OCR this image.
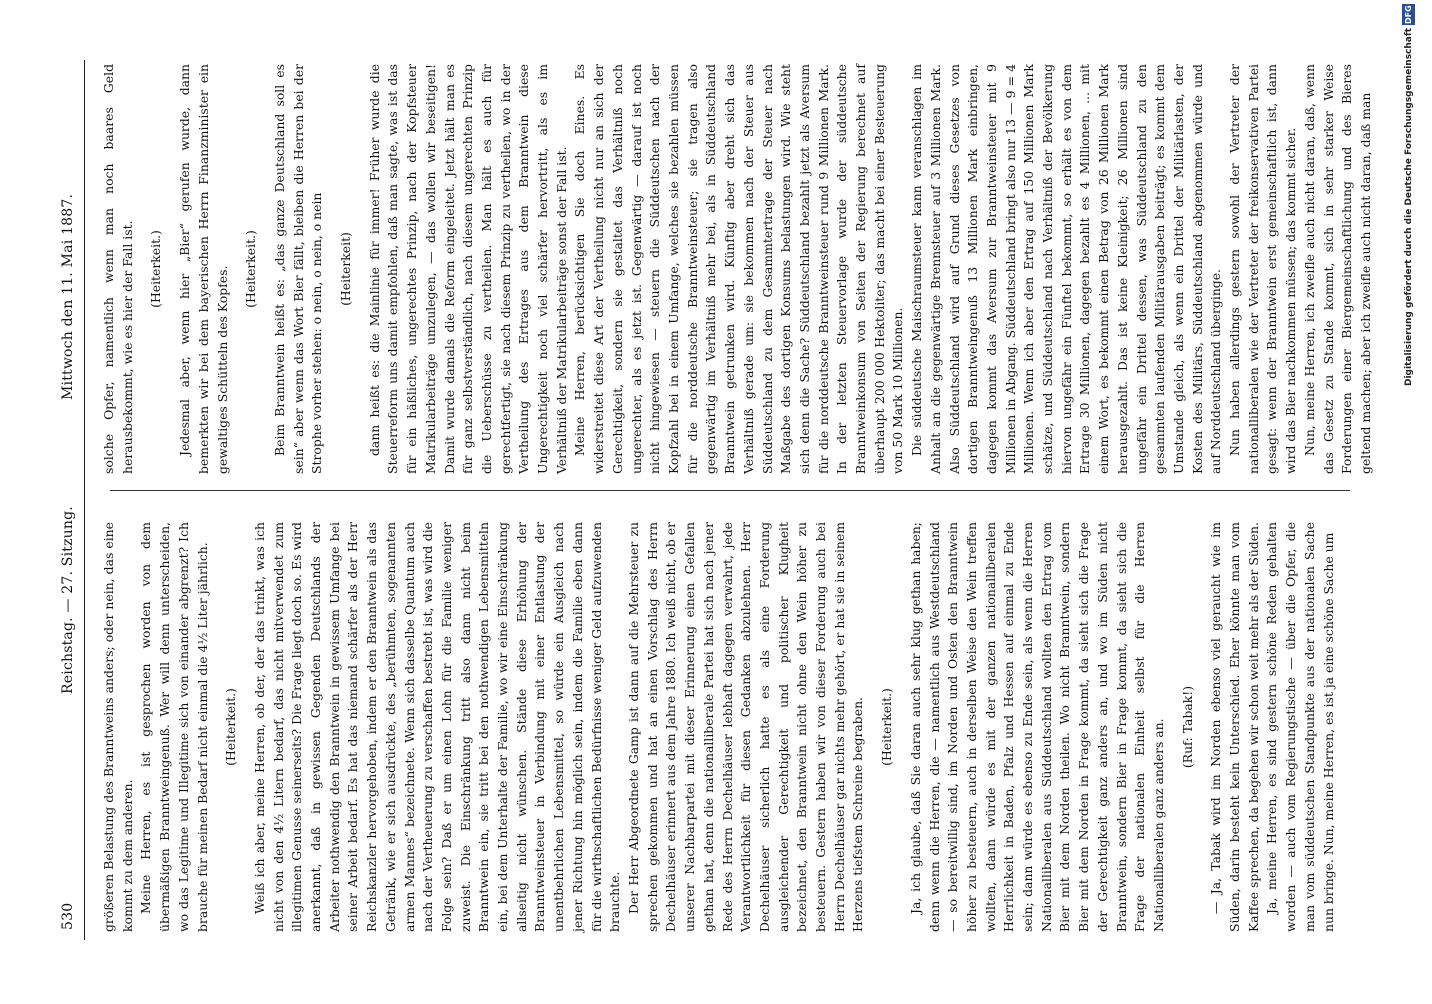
530
Reichstag. — 27. Sitzung.
Mittwoch den 11. Mai 1887.

größeren Belastung des Branntweins anders; oder nein, das eine kommt zu dem anderen. Meine Herren, es ist gesprochen worden von dem übermäßigen Branntweingenuß. Wer will denn unterscheiden, wo das Legitime und Illegitime sich von einander abgrenzt? Ich brauche für meinen Bedarf nicht einmal die 4½ Liter jährlich. (Heiterkeit.) Weiß ich aber, meine Herren, ob der, der das trinkt, was ich nicht von den 4½ Litern bedarf, das nicht mitverwendet zum illegitimen Genusse seinerseits? Die Frage liegt doch so. Es wird anerkannt, daß in gewissen Gegenden Deutschlands der Arbeiter nothwendig den Branntwein in gewissem Umfange bei seiner Arbeit bedarf. Es hat das niemand schärfer als der Herr Reichskanzler hervorgehoben, indem er den Branntwein als das Getränk, wie er sich ausdrückte, des „berühmten, sogenannten armen Mannes“ bezeichnete. Wenn sich dasselbe Quantum auch nach der Vertheuerung zu verschaffen bestrebt ist, was wird die Folge sein? Daß er um einen Lohn für die Familie weniger zuweist. Die Einschränkung tritt also dann nicht beim Branntwein ein, sie tritt bei den nothwendigen Lebensmitteln ein, bei dem Unterhalte der Familie, wo wir eine Einschränkung allseitig nicht wünschen. Stände diese Erhöhung der Branntweinsteuer in Verbindung mit einer Entlastung der unentbehrlichen Lebensmittel, so würde ein Ausgleich nach jener Richtung hin möglich sein, indem die Familie eben dann für die wirthschaftlichen Bedürfnisse weniger Geld aufzuwenden brauchte. Der Herr Abgeordnete Gamp ist dann auf die Mehrsteuer zu sprechen gekommen und hat an einen Vorschlag des Herrn Dechelhäuser erinnert aus dem Jahre 1880. Ich weiß nicht, ob er unserer Nachbarpartei mit dieser Erinnerung einen Gefallen gethan hat, denn die nationalliberale Partei hat sich nach jener Rede des Herrn Dechelhäuser lebhaft dagegen verwahrt, jede Verantwortlichkeit für diesen Gedanken abzulehnen. Herr Dechelhäuser sicherlich hatte es als eine Forderung ausgleichender Gerechtigkeit und politischer Klugheit bezeichnet, den Branntwein nicht ohne den Wein höher zu besteuern. Gestern haben wir von dieser Forderung auch bei Herrn Dechelhäuser gar nichts mehr gehört, er hat sie in seinem Herzens tiefstem Schreine begraben. (Heiterkeit.) Ja, ich glaube, daß Sie daran auch sehr klug gethan haben; denn wenn die Herren, die — namentlich aus Westdeutschland — so bereitwillig sind, im Norden und Osten den Branntwein höher zu besteuern, auch in derselben Weise den Wein treffen wollten, dann würde es mit der ganzen nationalliberalen Herrlichkeit in Baden, Pfalz und Hessen auf einmal zu Ende sein; dann würde es ebenso zu Ende sein, als wenn die Herren Nationalliberalen aus Süddeutschland wollten den Ertrag vom Bier mit dem Norden theilen. Wo nicht Branntwein, sondern Bier mit dem Norden in Frage kommt, da sieht sich die Frage der Gerechtigkeit ganz anders an, und wo im Süden nicht Branntwein, sondern Bier in Frage kommt, da sieht sich die Frage der nationalen Einheit selbst für die Herren Nationalliberalen ganz anders an. (Ruf: Tabak!) — Ja, Tabak wird im Norden ebenso viel geraucht wie im Süden, darin besteht kein Unterschied. Eher könnte man vom Kaffee sprechen, da begehen wir schon weit mehr als der Süden. Ja, meine Herren, es sind gestern schöne Reden gehalten worden — auch vom Regierungstische — über die Opfer, die man vom süddeutschen Standpunkte aus der nationalen Sache nun bringe. Nun, meine Herren, es ist ja eine schöne Sache um

solche Opfer, namentlich wenn man noch baares Geld herausbekommt, wie es hier der Fall ist. (Heiterkeit.) Jedesmal aber, wenn hier „Bier“ gerufen wurde, dann bemerkten wir bei dem bayerischen Herrn Finanzminister ein gewaltiges Schütteln des Kopfes. (Heiterkeit.) Beim Branntwein heißt es: „das ganze Deutschland soll es sein“ aber wenn das Wort Bier fällt, bleiben die Herren bei der Strophe vorher stehen: o nein, o nein, o nein (Heiterkeit) dann heißt es: die Mainlinie für immer! Früher wurde die Steuerreform uns damit empfohlen, daß man sagte, was ist das für ein häßliches, ungerechtes Prinzip, nach der Kopfsteuer Matrikularbeiträge umzulegen, — das wollen wir beseitigen! Damit wurde damals die Reform eingeleitet. Jetzt hält man es für ganz selbstverständlich, nach diesem ungerechten Prinzip die Ueberschüsse zu vertheilen. Man hält es auch für gerechtfertigt, sie nach diesem Prinzip zu vertheilen, wo in der Vertheilung des Ertrages aus dem Branntwein diese Ungerechtigkeit noch viel schärfer hervortritt, als es im Verhältniß der Matrikularbeiträge sonst der Fall ist. Meine Herren, berücksichtigen Sie doch Eines. Es widerstreitet diese Art der Vertheilung nicht nur an sich der Gerechtigkeit, sondern sie gestaltet das Verhältniß noch ungerechter, als es jetzt ist. Gegenwärtig — darauf ist noch nicht hingewiesen — steuern die Süddeutschen nach der Kopfzahl bei in einem Umfange, welches sie bezahlen müssen für die norddeutsche Branntweinsteuer; sie tragen also gegenwärtig im Verhältniß mehr bei, als in Süddeutschland Branntwein getrunken wird. Künftig aber dreht sich das Verhältniß gerade um: sie bekommen nach der Steuer aus Süddeutschland zu dem Gesammtertrage der Steuer nach Maßgabe des dortigen Konsums belastungen wird. Wie steht sich denn die Sache? Süddeutschland bezahlt jetzt als Aversum für die norddeutsche Branntweinsteuer rund 9 Millionen Mark. In der letzten Steuervorlage wurde der süddeutsche Branntweinkonsum von Seiten der Regierung berechnet auf überhaupt 200 000 Hektoliter; das macht bei einer Besteuerung von 50 Mark 10 Millionen. Die süddeutsche Maischraumsteuer kann veranschlagen im Anhalt an die gegenwärtige Brennsteuer auf 3 Millionen Mark. Also Süddeutschland wird auf Grund dieses Gesetzes von dortigen Branntweingenuß 13 Millionen Mark einbringen, dagegen kommt das Aversum zur Branntweinsteuer mit 9 Millionen in Abgang. Süddeutschland bringt also nur 13 — 9 = 4 Millionen. Wenn ich aber den Ertrag auf 150 Millionen Mark schätze, und Süddeutschland nach Verhältniß der Bevölkerung hiervon ungefähr ein Fünftel bekommt, so erhält es von dem Ertrage 30 Millionen, dagegen bezahlt es 4 Millionen, ... mit einem Wort, es bekommt einen Betrag von 26 Millionen Mark herausgezahlt. Das ist keine Kleinigkeit; 26 Millionen sind ungefähr ein Drittel dessen, was Süddeutschland zu den gesammten laufenden Militärausgaben beiträgt; es kommt dem Umstande gleich, als wenn ein Drittel der Militärlasten, der Kosten des Militärs, Süddeutschland abgenommen würde und auf Norddeutschland überginge. Nun haben allerdings gestern sowohl der Vertreter der nationalliberalen wie der Vertreter der freikonservativen Partei gesagt: wenn der Branntwein erst gemeinschaftlich ist, dann wird das Bier nachkommen müssen; das kommt sicher. Nun, meine Herren, ich zweifle auch nicht daran, daß, wenn das Gesetz zu Stande kommt, sich in sehr starker Weise Forderungen einer Biergemeinschaftlichung und des Bieres geltend machen; aber ich zweifle auch nicht daran, daß man	Digitalisierung gefördert durch die Deutsche Forschungsgemeinschaft DFG
